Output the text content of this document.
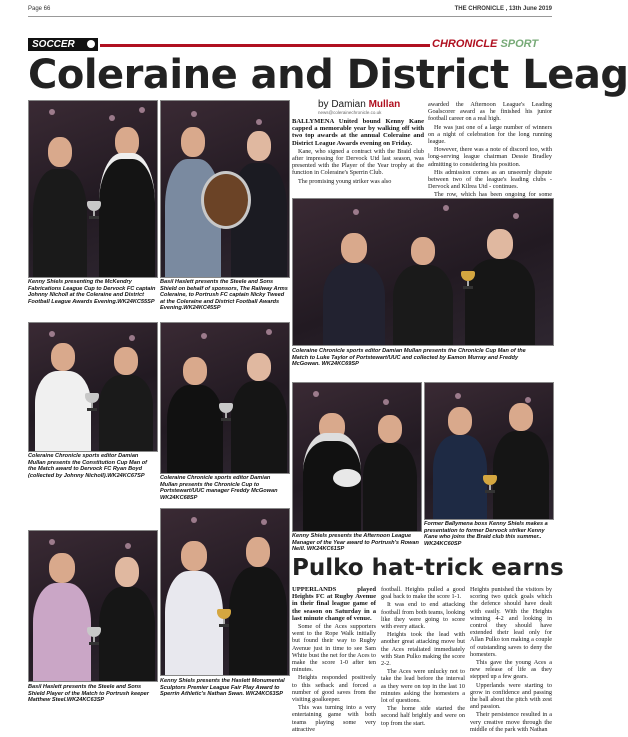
Page 66	THE CHRONICLE , 13th June 2019
SOCCER	CHRONICLE SPORT
Coleraine and District Leag
Kenny Shiels presenting the McKendry Fabrications League Cup to Dervock FC captain Johnny Nicholl at the Coleraine and District Football League Awards Evening.WK24KC55SP
Basil Haslett presents the Steele and Sons Shield on behalf of sponsors, The Railway Arms Coleraine, to Portrush FC captain Nicky Tweed at the Coleraine and District Football Awards Evening.WK24KC45SP
by Damian Mullan
news@colerainechronicle.co.uk

BALLYMENA United bound Kenny Kane capped a memorable year by walking off with two top awards at the annual Coleraine and District League Awards evening on Friday.

Kane, who signed a contract with the Braid club after impressing for Dervock Utd last season, was presented with the Player of the Year trophy at the function in Coleraine's Sperrin Club.

The promising young striker was also

awarded the Afternoon League's Leading Goalscorer award as he finished his junior football career on a real high.

He was just one of a large number of winners on a night of celebration for the long running league.

However, there was a note of discord too, with long-serving league chairman Dessie Bradley admitting to considering his position.

His admission comes as an unseemly dispute between two of the league's leading clubs - Dervock and Kilrea Utd - continues.

The row, which has been ongoing for some

Coleraine Chronicle sports editor Damian Mullan presents the Chronicle Cup Man of the Match to Luke Taylor of Portstewart/UUC and collected by Eamon Murray and Freddy McGowan. WK24KC69SP
Coleraine Chronicle sports editor Damian Mullan presents the Constitution Cup Man of the Match award to Dervock FC Ryan Boyd (collected by Johnny Nicholl).WK24KC67SP	Coleraine Chronicle sports editor Damian Mullan presents the Chronicle Cup to Portstewart/UUC manager Freddy McGowan WK24KC68SP
Kenny Shiels presents the Afternoon League Manager of the Year award to Portrush's Rowan Neill. WK24KC61SP
Former Ballymena boss Kenny Shiels makes a presentation to former Dervock striker Kenny Kane who joins the Braid club this summer.. WK24KC60SP
Basil Haslett presents the Steele and Sons Shield Player of the Match to Portrush keeper Matthew Steel.WK24KC63SP
Kenny Shiels presents the Haslett Monumental Sculptors Premier League Fair Play Award to Sperrin Athletic's Nathan Swan. WK24KC63SP
Pulko hat-trick earns

UPPERLANDS played Heights FC at Rugby Avenue in their final league game of the season on Saturday in a last minute change of venue.

Some of the Aces supporters went to the Rope Walk initially but found their way to Rugby Avenue just in time to see Sam White bust the net for the Aces to make the score 1-0 after ten minutes.

Heights responded positively to this setback and forced a number of good saves from the visiting goalkeeper.

This was turning into a very entertaining game with both teams playing some very attractive

football. Heights pulled a good goal back to make the score 1-1.

It was end to end attacking football from both teams, looking like they were going to score with every attack.

Heights took the lead with another great attacking move but the Aces retaliated immediately with Stan Pulko making the score 2-2.

The Aces were unlucky not to take the lead before the interval as they were on top in the last 10 minutes asking the homesters a lot of questions.

The home side started the second half brightly and were on top from the start.

Heights punished the visitors by scoring two quick goals which the defence should have dealt with easily. With the Heights winning 4-2 and looking in control they should have extended their lead only for Allan Pulko ton making a couple of outstanding saves to deny the homesters.

This gave the young Aces a new release of life as they stepped up a few gears.

Upperlands were starting to grow in confidence and passing the ball about the pitch with zest and passion.

Their persistence resulted in a very creative move through the middle of the park with Nathan
